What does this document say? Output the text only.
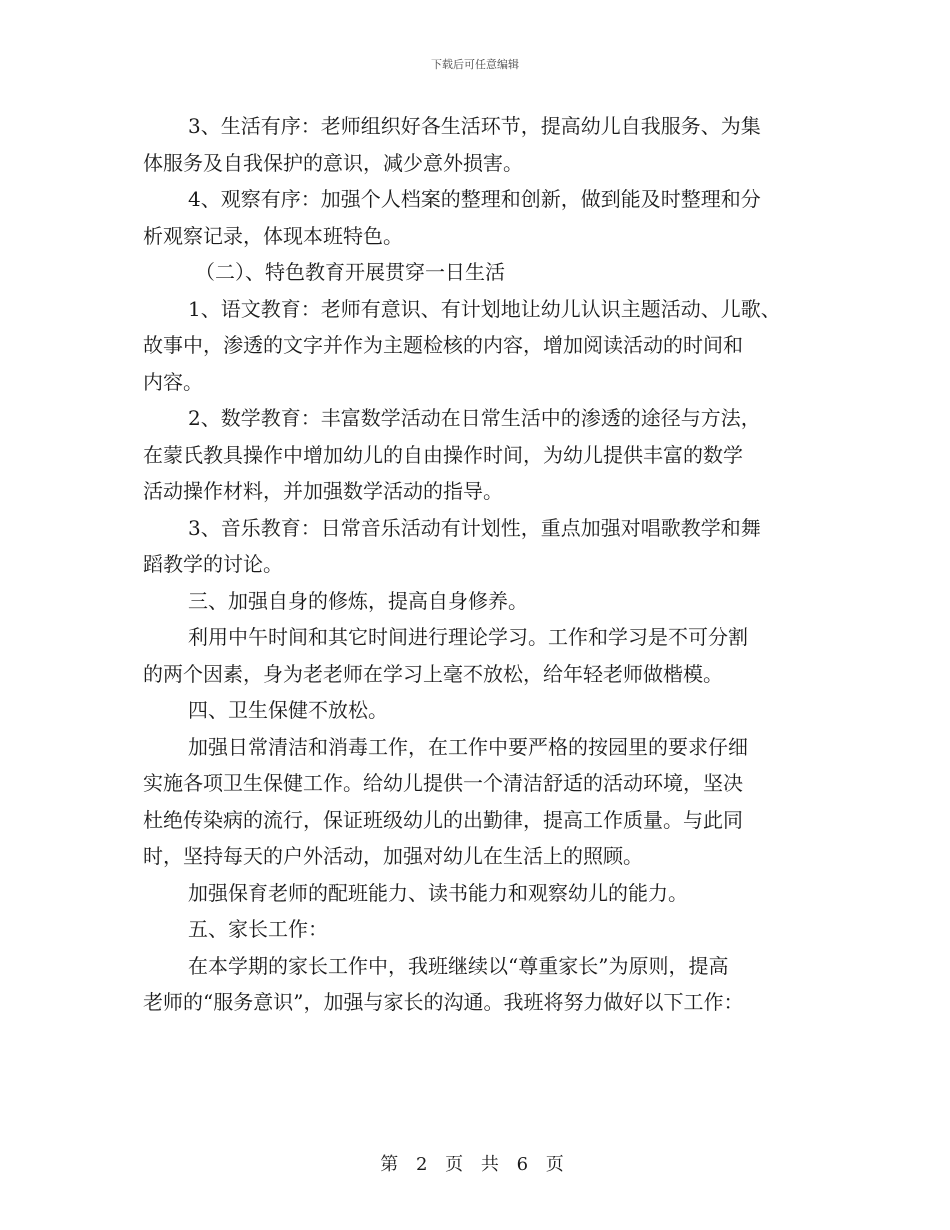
下载后可任意编辑
3、生活有序：老师组织好各生活环节，提高幼儿自我服务、为集
体服务及自我保护的意识，减少意外损害。
4、观察有序：加强个人档案的整理和创新，做到能及时整理和分
析观察记录，体现本班特色。
（二）、特色教育开展贯穿一日生活
1、语文教育：老师有意识、有计划地让幼儿认识主题活动、儿歌、
故事中，渗透的文字并作为主题检核的内容，增加阅读活动的时间和
内容。
2、数学教育：丰富数学活动在日常生活中的渗透的途径与方法，
在蒙氏教具操作中增加幼儿的自由操作时间，为幼儿提供丰富的数学
活动操作材料，并加强数学活动的指导。
3、音乐教育：日常音乐活动有计划性，重点加强对唱歌教学和舞
蹈教学的讨论。
三、加强自身的修炼，提高自身修养。
利用中午时间和其它时间进行理论学习。工作和学习是不可分割
的两个因素，身为老老师在学习上毫不放松，给年轻老师做楷模。
四、卫生保健不放松。
加强日常清洁和消毒工作，在工作中要严格的按园里的要求仔细
实施各项卫生保健工作。给幼儿提供一个清洁舒适的活动环境，坚决
杜绝传染病的流行，保证班级幼儿的出勤律，提高工作质量。与此同
时，坚持每天的户外活动，加强对幼儿在生活上的照顾。
加强保育老师的配班能力、读书能力和观察幼儿的能力。
五、家长工作：
在本学期的家长工作中，我班继续以“尊重家长”为原则，提高
老师的“服务意识”，加强与家长的沟通。我班将努力做好以下工作：
第 2 页 共 6 页
